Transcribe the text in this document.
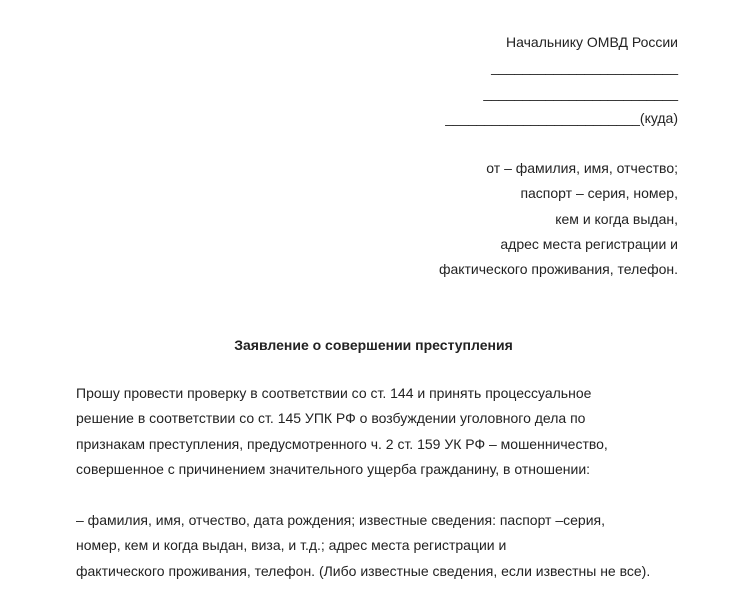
Начальнику ОМВД России
________________________
_________________________
_________________________(куда)
от – фамилия, имя, отчество;
паспорт – серия, номер,
кем и когда выдан,
адрес места регистрации и
фактического проживания, телефон.
Заявление о совершении преступления
Прошу провести проверку в соответствии со ст. 144 и принять процессуальное
решение в соответствии со ст. 145 УПК РФ о возбуждении уголовного дела по
признакам преступления, предусмотренного ч. 2 ст. 159 УК РФ – мошенничество,
совершенное с причинением значительного ущерба гражданину, в отношении:
– фамилия, имя, отчество, дата рождения; известные сведения: паспорт –серия,
номер, кем и когда выдан, виза, и т.д.; адрес места регистрации и
фактического проживания, телефон. (Либо известные сведения, если известны не все).
